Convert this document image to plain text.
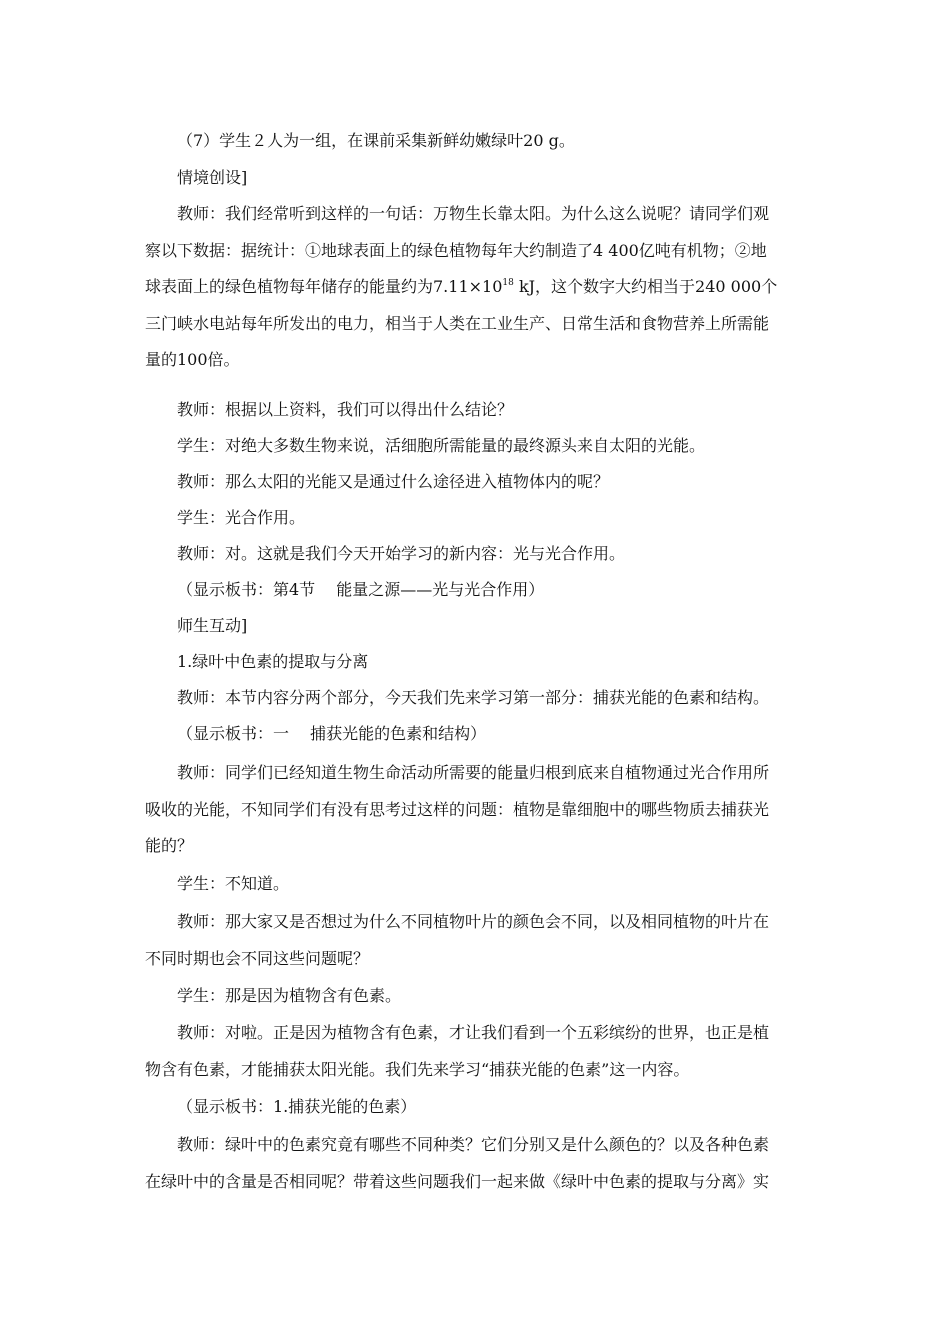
（7）学生２人为一组，在课前采集新鲜幼嫩绿叶20 g。
情境创设]
教师：我们经常听到这样的一句话：万物生长靠太阳。为什么这么说呢？请同学们观
察以下数据：据统计：①地球表面上的绿色植物每年大约制造了4 400亿吨有机物；②地
球表面上的绿色植物每年储存的能量约为$7.11\times 10^{18}$ kJ，这个数字大约相当于240 000个
三门峡水电站每年所发出的电力，相当于人类在工业生产、日常生活和食物营养上所需能
量的100倍。
教师：根据以上资料，我们可以得出什么结论？
学生：对绝大多数生物来说，活细胞所需能量的最终源头来自太阳的光能。
教师：那么太阳的光能又是通过什么途径进入植物体内的呢？
学生：光合作用。
教师：对。这就是我们今天开始学习的新内容：光与光合作用。
（显示板书：第4节　 能量之源——光与光合作用）
师生互动]
1.绿叶中色素的提取与分离
教师：本节内容分两个部分，今天我们先来学习第一部分：捕获光能的色素和结构。
（显示板书：一　 捕获光能的色素和结构）
教师：同学们已经知道生物生命活动所需要的能量归根到底来自植物通过光合作用所
吸收的光能，不知同学们有没有思考过这样的问题：植物是靠细胞中的哪些物质去捕获光
能的？
学生：不知道。
教师：那大家又是否想过为什么不同植物叶片的颜色会不同，以及相同植物的叶片在
不同时期也会不同这些问题呢？
学生：那是因为植物含有色素。
教师：对啦。正是因为植物含有色素，才让我们看到一个五彩缤纷的世界，也正是植
物含有色素，才能捕获太阳光能。我们先来学习“捕获光能的色素”这一内容。
（显示板书：1.捕获光能的色素）
教师：绿叶中的色素究竟有哪些不同种类？它们分别又是什么颜色的？以及各种色素
在绿叶中的含量是否相同呢？带着这些问题我们一起来做《绿叶中色素的提取与分离》实
